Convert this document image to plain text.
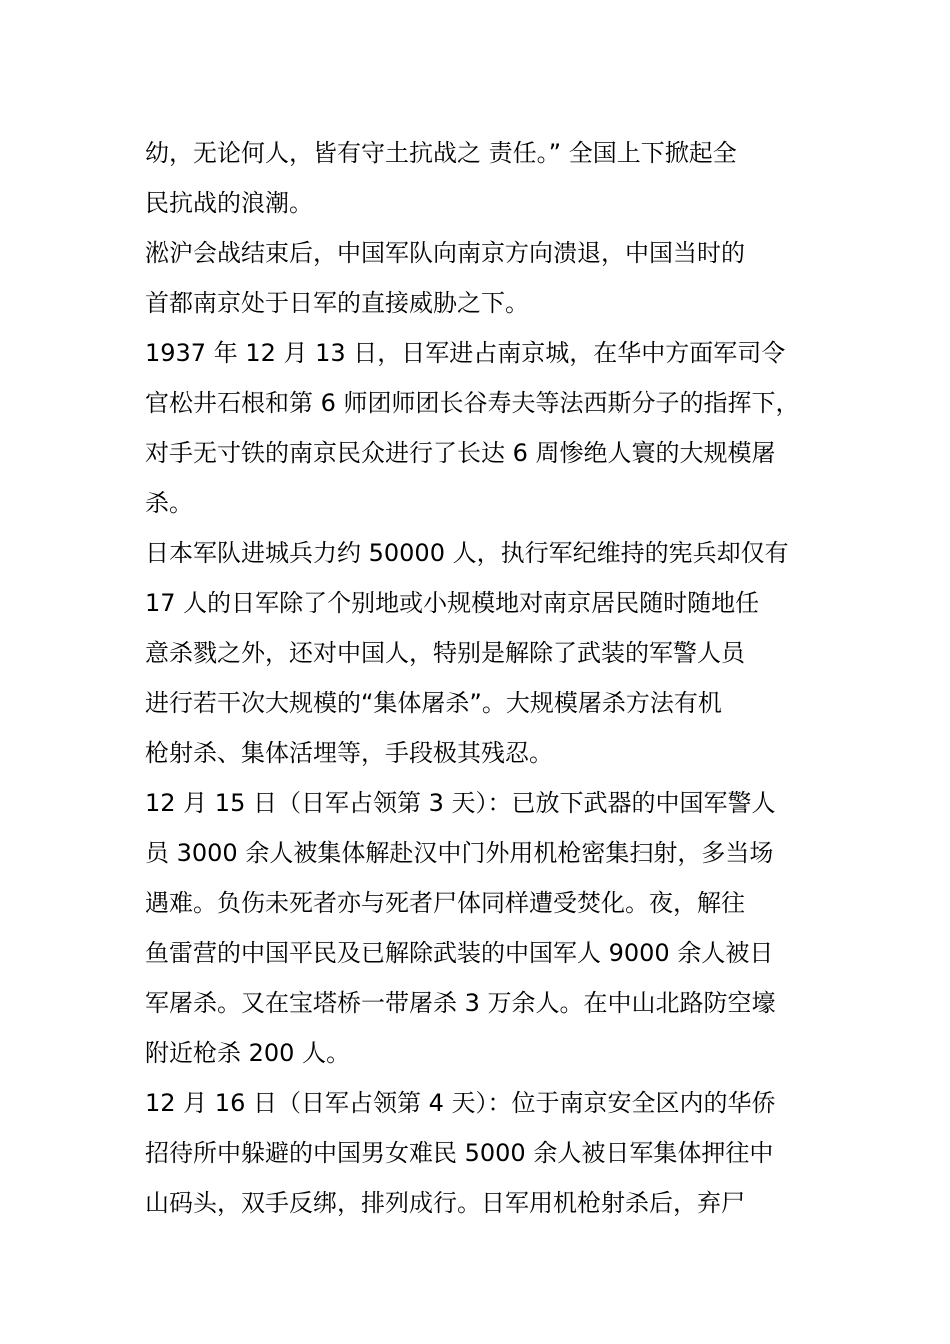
幼，无论何人，皆有守土抗战之 责任。” 全国上下掀起全
民抗战的浪潮。
淞沪会战结束后，中国军队向南京方向溃退，中国当时的
首都南京处于日军的直接威胁之下。
1937 年 12 月 13 日，日军进占南京城，在华中方面军司令
官松井石根和第 6 师团师团长谷寿夫等法西斯分子的指挥下，
对手无寸铁的南京民众进行了长达 6 周惨绝人寰的大规模屠
杀。
日本军队进城兵力约 50000 人，执行军纪维持的宪兵却仅有
17 人的日军除了个别地或小规模地对南京居民随时随地任
意杀戮之外，还对中国人，特别是解除了武装的军警人员
进行若干次大规模的“集体屠杀”。大规模屠杀方法有机
枪射杀、集体活埋等，手段极其残忍。
12 月 15 日（日军占领第 3 天）：已放下武器的中国军警人
员 3000 余人被集体解赴汉中门外用机枪密集扫射，多当场
遇难。负伤未死者亦与死者尸体同样遭受焚化。夜，解往
鱼雷营的中国平民及已解除武装的中国军人 9000 余人被日
军屠杀。又在宝塔桥一带屠杀 3 万余人。在中山北路防空壕
附近枪杀 200 人。
12 月 16 日（日军占领第 4 天）：位于南京安全区内的华侨
招待所中躲避的中国男女难民 5000 余人被日军集体押往中
山码头，双手反绑，排列成行。日军用机枪射杀后，弃尸
